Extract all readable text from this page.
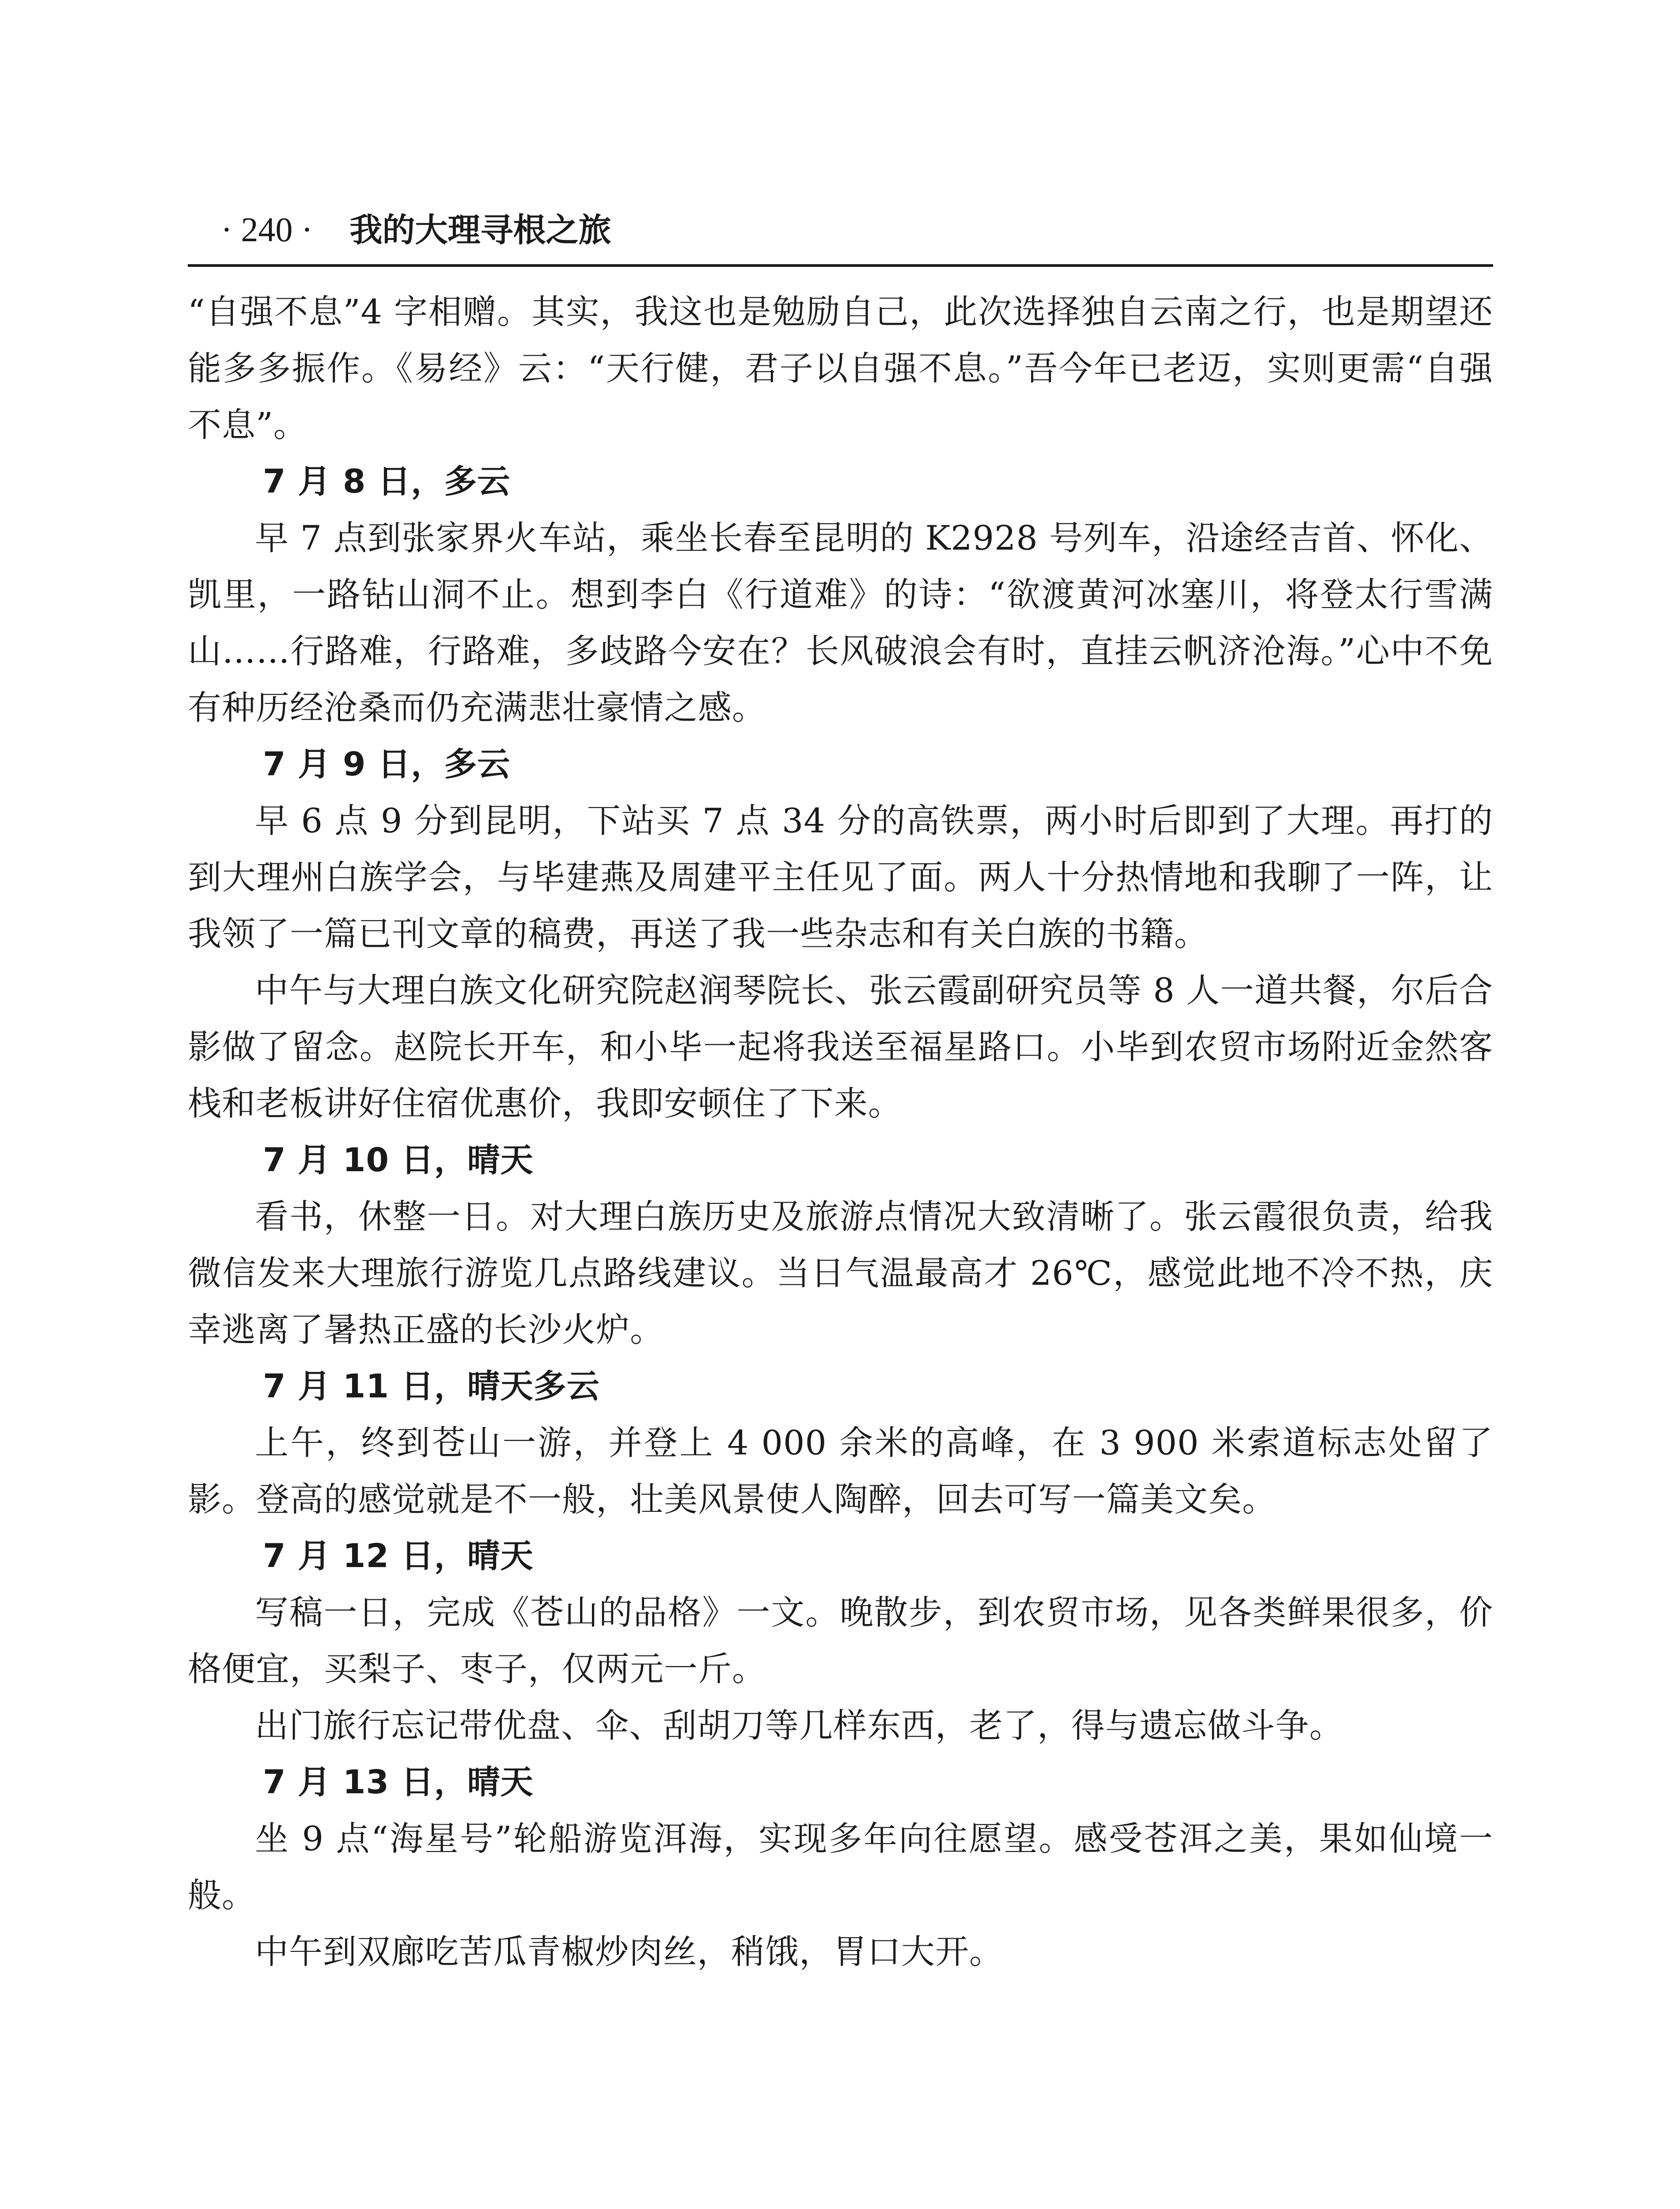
· 240 · 我的大理寻根之旅

“自强不息”4 字相赠。其实，我这也是勉励自己，此次选择独自云南之行，也是期望还能多多振作。《易经》云：“天行健，君子以自强不息。”吾今年已老迈，实则更需“自强不息”。

7 月 8 日，多云

早 7 点到张家界火车站，乘坐长春至昆明的 K2928 号列车，沿途经吉首、怀化、凯里，一路钻山洞不止。想到李白《行道难》的诗：“欲渡黄河冰塞川，将登太行雪满山……行路难，行路难，多歧路今安在？长风破浪会有时，直挂云帆济沧海。”心中不免有种历经沧桑而仍充满悲壮豪情之感。

7 月 9 日，多云

早 6 点 9 分到昆明，下站买 7 点 34 分的高铁票，两小时后即到了大理。再打的到大理州白族学会，与毕建燕及周建平主任见了面。两人十分热情地和我聊了一阵，让我领了一篇已刊文章的稿费，再送了我一些杂志和有关白族的书籍。

中午与大理白族文化研究院赵润琴院长、张云霞副研究员等 8 人一道共餐，尔后合影做了留念。赵院长开车，和小毕一起将我送至福星路口。小毕到农贸市场附近金然客栈和老板讲好住宿优惠价，我即安顿住了下来。

7 月 10 日，晴天

看书，休整一日。对大理白族历史及旅游点情况大致清晰了。张云霞很负责，给我微信发来大理旅行游览几点路线建议。当日气温最高才 26℃，感觉此地不冷不热，庆幸逃离了暑热正盛的长沙火炉。

7 月 11 日，晴天多云

上午，终到苍山一游，并登上 4 000 余米的高峰，在 3 900 米索道标志处留了影。登高的感觉就是不一般，壮美风景使人陶醉，回去可写一篇美文矣。

7 月 12 日，晴天

写稿一日，完成《苍山的品格》一文。晚散步，到农贸市场，见各类鲜果很多，价格便宜，买梨子、枣子，仅两元一斤。

出门旅行忘记带优盘、伞、刮胡刀等几样东西，老了，得与遗忘做斗争。

7 月 13 日，晴天

坐 9 点“海星号”轮船游览洱海，实现多年向往愿望。感受苍洱之美，果如仙境一般。

中午到双廊吃苦瓜青椒炒肉丝，稍饿，胃口大开。
